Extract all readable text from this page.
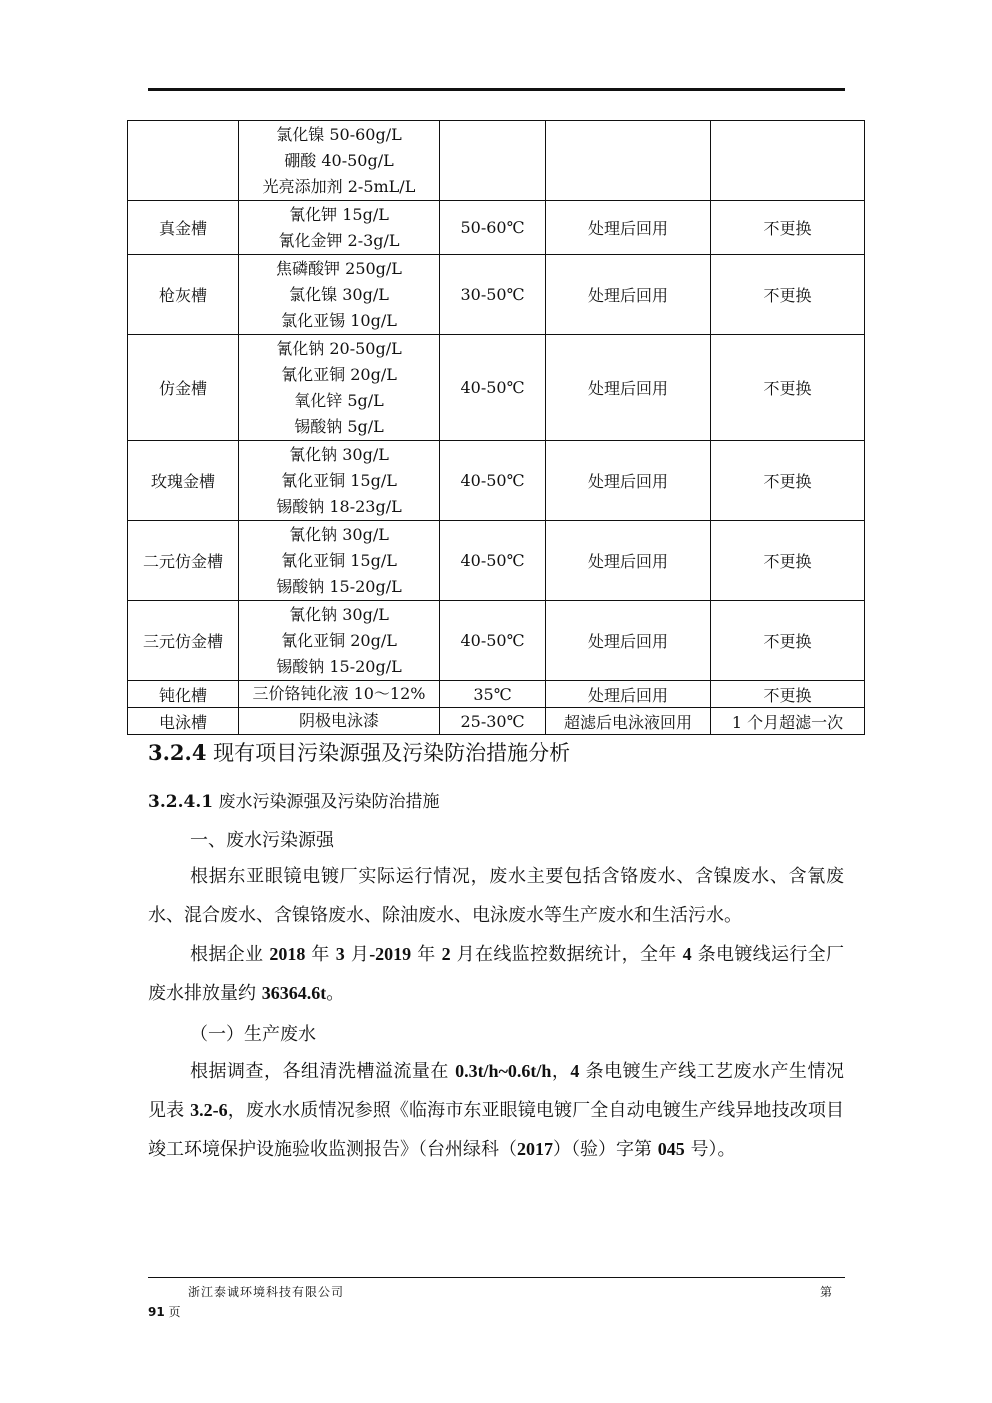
	氯化镍 50-60g/L
硼酸 40-50g/L
光亮添加剂 2-5mL/L			

真金槽	氰化钾 15g/L
氰化金钾 2-3g/L	50-60℃	处理后回用	不更换
枪灰槽	焦磷酸钾 250g/L
氯化镍 30g/L
氯化亚锡 10g/L	30-50℃	处理后回用	不更换
仿金槽	氰化钠 20-50g/L
氰化亚铜 20g/L
氧化锌 5g/L
锡酸钠 5g/L	40-50℃	处理后回用	不更换
玫瑰金槽	氰化钠 30g/L
氰化亚铜 15g/L
锡酸钠 18-23g/L	40-50℃	处理后回用	不更换
二元仿金槽	氰化钠 30g/L
氰化亚铜 15g/L
锡酸钠 15-20g/L	40-50℃	处理后回用	不更换
三元仿金槽	氰化钠 30g/L
氰化亚铜 20g/L
锡酸钠 15-20g/L	40-50℃	处理后回用	不更换
钝化槽	三价铬钝化液 10～12%	35℃	处理后回用	不更换
电泳槽	阴极电泳漆	25-30℃	超滤后电泳液回用	1 个月超滤一次
3.2.4 现有项目污染源强及污染防治措施分析
3.2.4.1 废水污染源强及污染防治措施

一、废水污染源强

根据东亚眼镜电镀厂实际运行情况，废水主要包括含铬废水、含镍废水、含氰废水、混合废水、含镍铬废水、除油废水、电泳废水等生产废水和生活污水。

根据企业 2018 年 3 月-2019 年 2 月在线监控数据统计，全年 4 条电镀线运行全厂废水排放量约 36364.6t。

（一）生产废水

根据调查，各组清洗槽溢流量在 0.3t/h~0.6t/h，4 条电镀生产线工艺废水产生情况见表 3.2-6，废水水质情况参照《临海市东亚眼镜电镀厂全自动电镀生产线异地技改项目竣工环境保护设施验收监测报告》（台州绿科（2017）（验）字第 045 号）。

浙江泰诚环境科技有限公司	第
91 页
